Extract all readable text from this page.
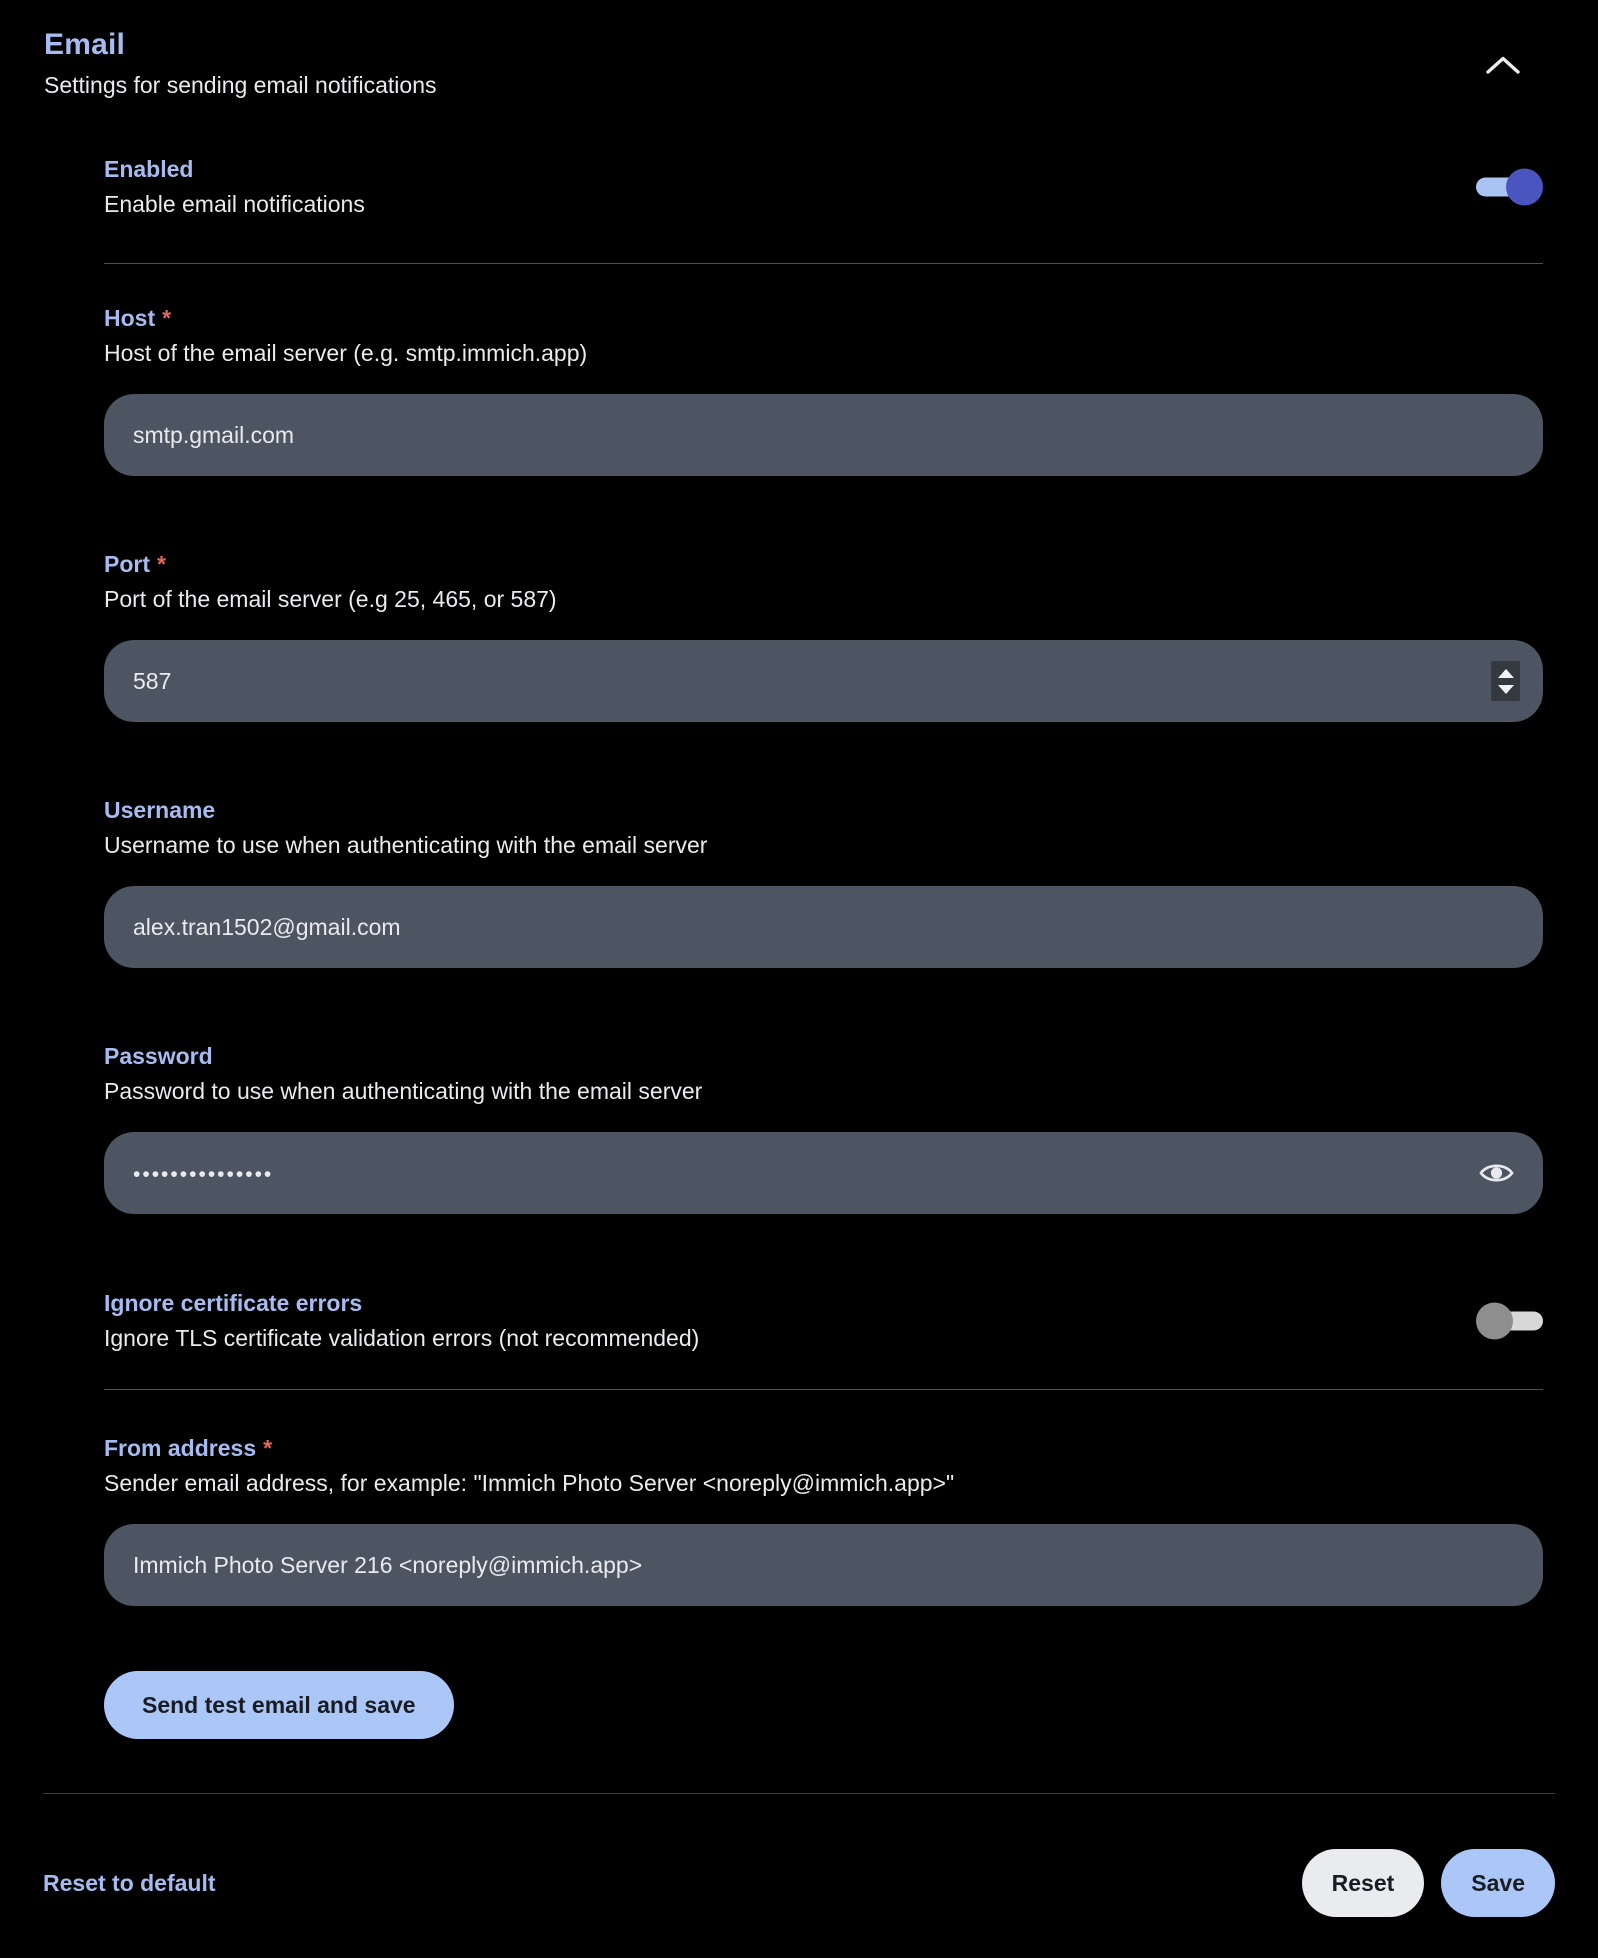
Email

Settings for sending email notifications

Enabled
Enable email notifications
Host *
Host of the email server (e.g. smtp.immich.app)
smtp.gmail.com
Port *
Port of the email server (e.g 25, 465, or 587)
587
Username
Username to use when authenticating with the email server
alex.tran1502@gmail.com
Password
Password to use when authenticating with the email server
•••••••••••••••
Ignore certificate errors
Ignore TLS certificate validation errors (not recommended)
From address *
Sender email address, for example: "Immich Photo Server <noreply@immich.app>"
Immich Photo Server 216 <noreply@immich.app>
Send test email and save
Reset to default	Reset	Save
